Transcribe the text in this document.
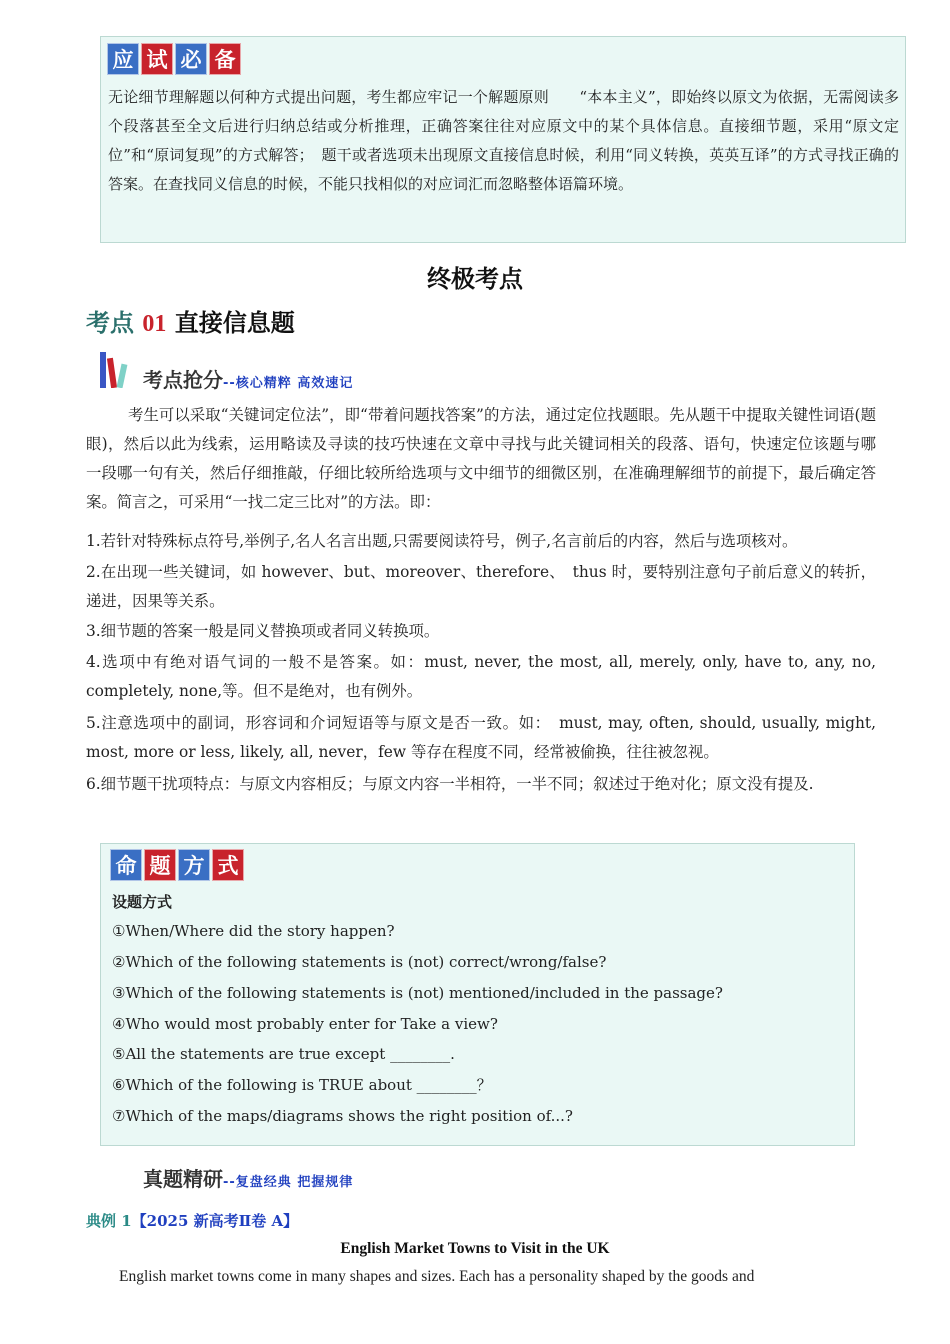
应 试 必 备

无论细节理解题以何种方式提出问题，考生都应牢记一个解题原则　　“本本主义”，即始终以原文为依据，无需阅读多个段落甚至全文后进行归纳总结或分析推理，正确答案往往对应原文中的某个具体信息。直接细节题，采用“原文定位”和“原词复现”的方式解答；　题干或者选项未出现原文直接信息时候，利用“同义转换，英英互译”的方式寻找正确的答案。在查找同义信息的时候，不能只找相似的对应词汇而忽略整体语篇环境。

终极考点
考点 01 直接信息题
考点抢分--核心精粹 高效速记

考生可以采取“关键词定位法”，即“带着问题找答案”的方法，通过定位找题眼。先从题干中提取关键性词语(题眼)，然后以此为线索，运用略读及寻读的技巧快速在文章中寻找与此关键词相关的段落、语句，快速定位该题与哪一段哪一句有关，然后仔细推敲，仔细比较所给选项与文中细节的细微区别，在准确理解细节的前提下，最后确定答案。简言之，可采用“一找二定三比对”的方法。即：

1.若针对特殊标点符号,举例子,名人名言出题,只需要阅读符号，例子,名言前后的内容，然后与选项核对。

2.在出现一些关键词，如 however、but、moreover、therefore、　thus 时，要特别注意句子前后意义的转折，递进，因果等关系。

3.细节题的答案一般是同义替换项或者同义转换项。

4.选项中有绝对语气词的一般不是答案。如：must, never, the most, all, merely, only, have to, any, no, completely, none,等。但不是绝对，也有例外。

5.注意选项中的副词，形容词和介词短语等与原文是否一致。如：　must, may, often, should, usually, might, most, more or less, likely, all, never，few 等存在程度不同，经常被偷换，往往被忽视。

6.细节题干扰项特点：与原文内容相反；与原文内容一半相符，一半不同；叙述过于绝对化；原文没有提及.

命 题 方 式
设题方式
①When/Where did the story happen?
②Which of the following statements is (not) correct/wrong/false?
③Which of the following statements is (not) mentioned/included in the passage?
④Who would most probably enter for Take a view?
⑤All the statements are true except ________.
⑥Which of the following is TRUE about ________？
⑦Which of the maps/diagrams shows the right position of...?
真题精研--复盘经典 把握规律
典例 1【2025 新高考Ⅱ卷 A】
English Market Towns to Visit in the UK
English market towns come in many shapes and sizes. Each has a personality shaped by the goods and
